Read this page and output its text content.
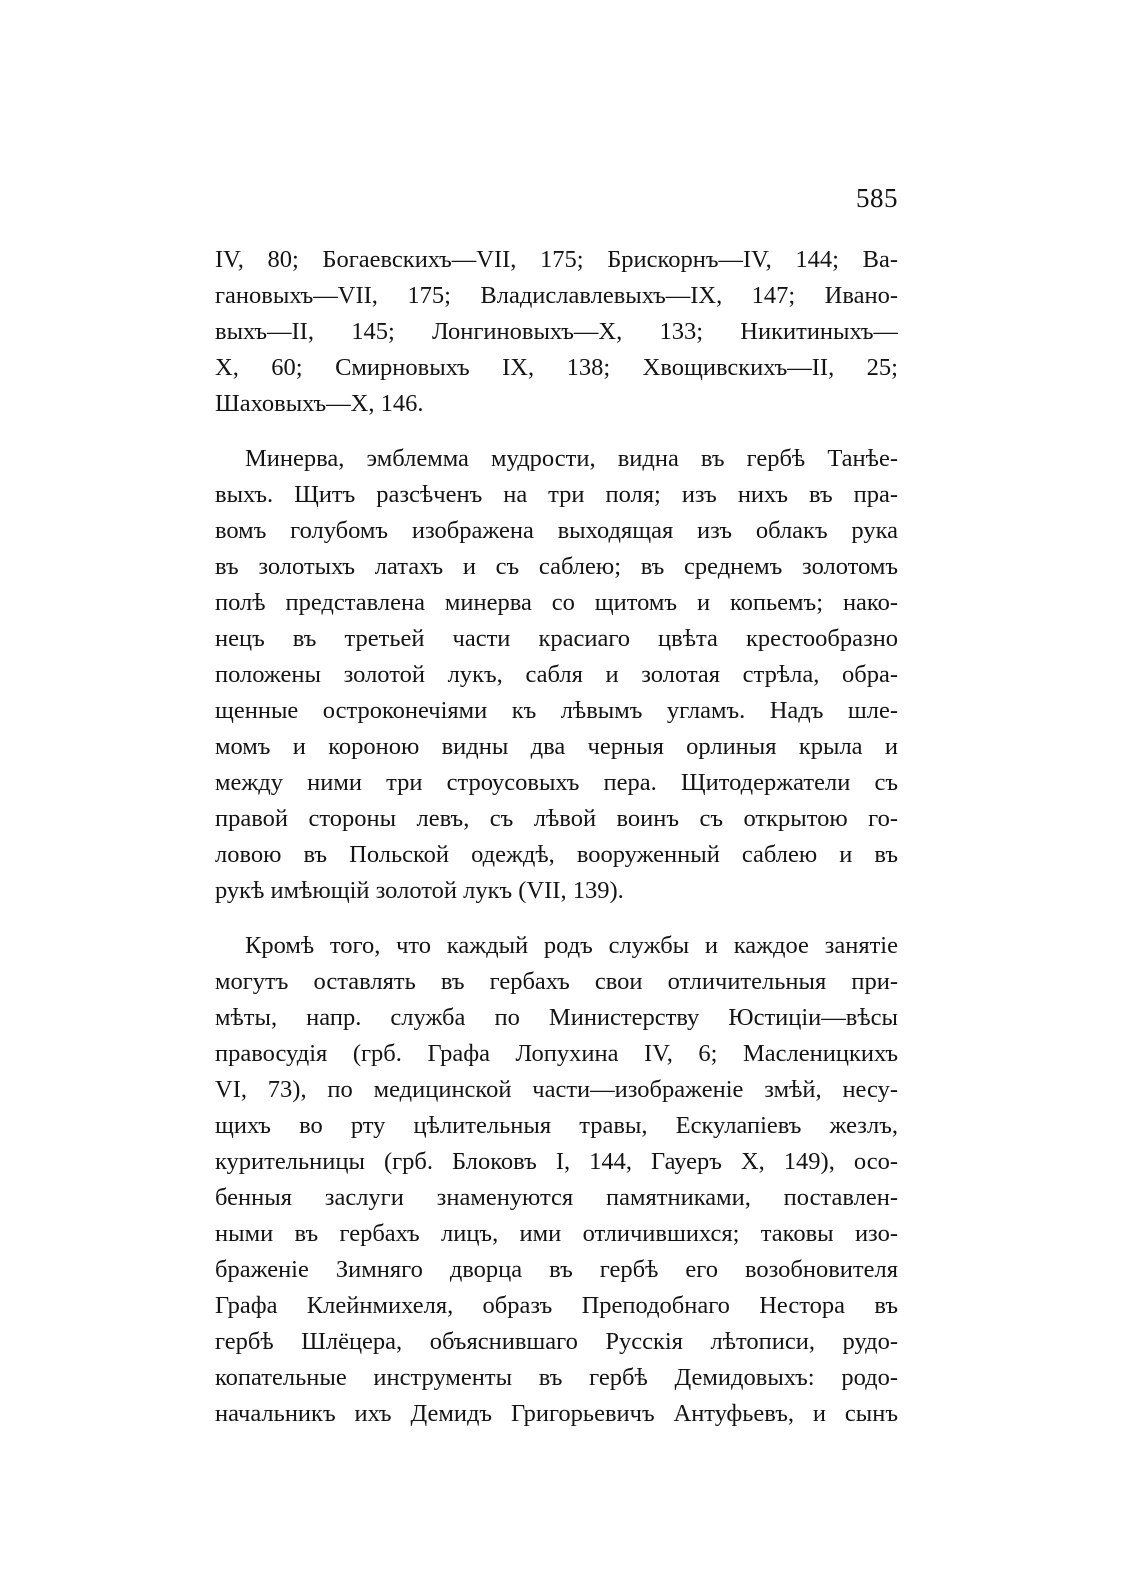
585
IV, 80; Богаевскихъ—VII, 175; Брискорнъ—IV, 144; Ва-
гановыхъ—VII, 175; Владиславлевыхъ—IX, 147; Ивано-
выхъ—II, 145; Лонгиновыхъ—X, 133; Никитиныхъ—
X, 60; Смирновыхъ IX, 138; Хвощивскихъ—II, 25;
Шаховыхъ—X, 146.
Минерва, эмблемма мудрости, видна въ гербѣ Танѣе-
выхъ. Щитъ разсѣченъ на три поля; изъ нихъ въ пра-
вомъ голубомъ изображена выходящая изъ облакъ рука
въ золотыхъ латахъ и съ саблею; въ среднемъ золотомъ
полѣ представлена минерва со щитомъ и копьемъ; нако-
нецъ въ третьей части красиаго цвѣта крестообразно
положены золотой лукъ, сабля и золотая стрѣла, обра-
щенные остроконечіями къ лѣвымъ угламъ. Надъ шле-
момъ и короною видны два черныя орлиныя крыла и
между ними три строусовыхъ пера. Щитодержатели съ
правой стороны левъ, съ лѣвой воинъ съ открытою го-
ловою въ Польской одеждѣ, вооруженный саблею и въ
рукѣ имѣющій золотой лукъ (VII, 139).
Кромѣ того, что каждый родъ службы и каждое занятіе
могутъ оставлять въ гербахъ свои отличительныя при-
мѣты, напр. служба по Министерству Юстиціи—вѣсы
правосудія (грб. Графа Лопухина IV, 6; Масленицкихъ
VI, 73), по медицинской части—изображеніе змѣй, несу-
щихъ во рту цѣлительныя травы, Ескулапіевъ жезлъ,
курительницы (грб. Блоковъ I, 144, Гауеръ X, 149), осо-
бенныя заслуги знаменуются памятниками, поставлен-
ными въ гербахъ лицъ, ими отличившихся; таковы изо-
браженіе Зимняго дворца въ гербѣ его возобновителя
Графа Клейнмихеля, образъ Преподобнаго Нестора въ
гербѣ Шлёцера, объяснившаго Русскія лѣтописи, рудо-
копательные инструменты въ гербѣ Демидовыхъ: родо-
начальникъ ихъ Демидъ Григорьевичъ Антуфьевъ, и сынъ
